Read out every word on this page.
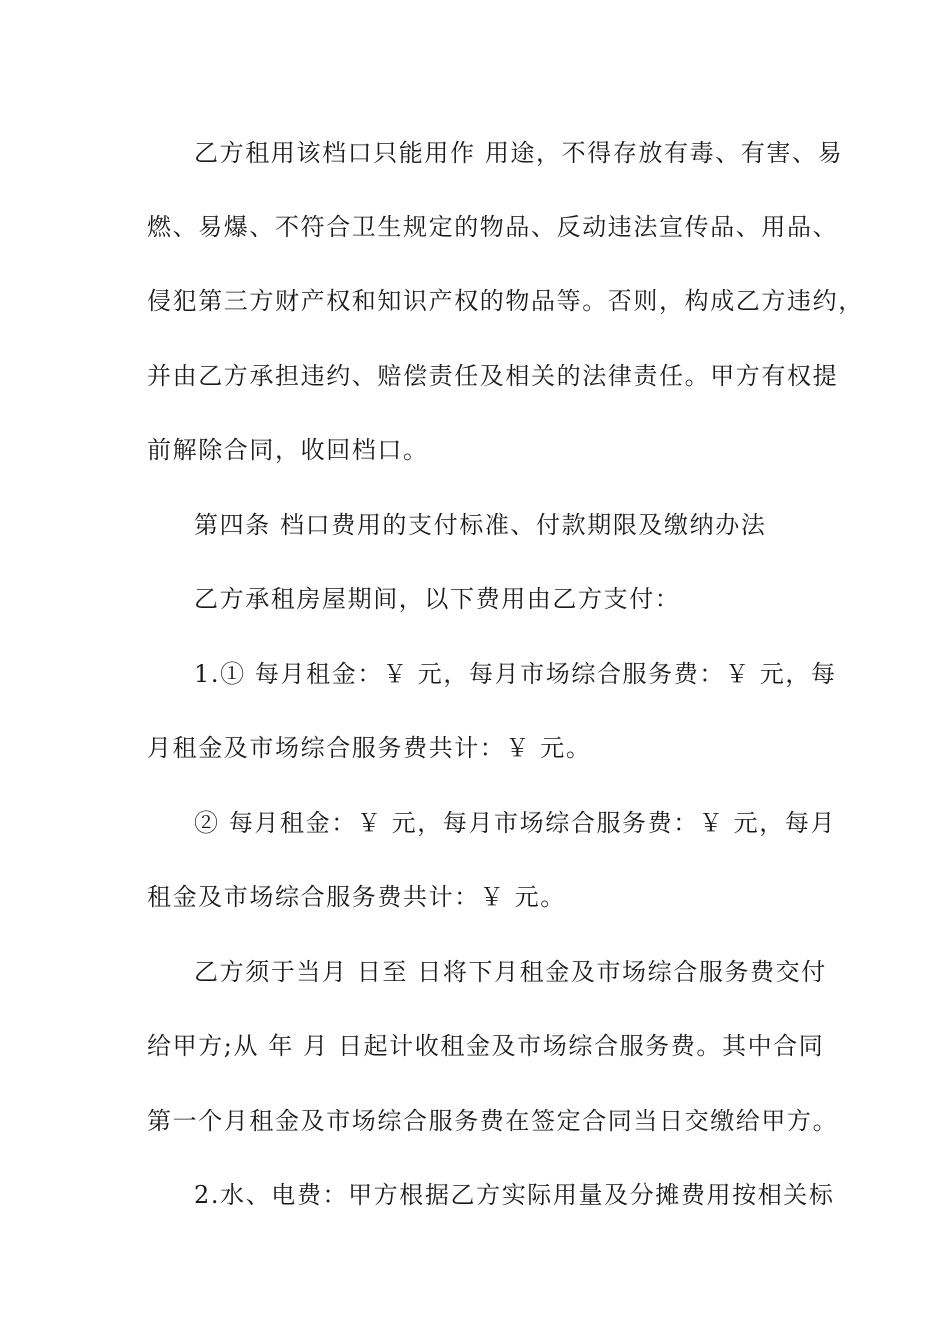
乙方租用该档口只能用作 用途，不得存放有毒、有害、易
燃、易爆、不符合卫生规定的物品、反动违法宣传品、用品、
侵犯第三方财产权和知识产权的物品等。否则，构成乙方违约，
并由乙方承担违约、赔偿责任及相关的法律责任。甲方有权提
前解除合同，收回档口。
第四条 档口费用的支付标准、付款期限及缴纳办法
乙方承租房屋期间，以下费用由乙方支付：
1.① 每月租金：￥ 元，每月市场综合服务费：￥ 元，每
月租金及市场综合服务费共计：￥ 元。
② 每月租金：￥ 元，每月市场综合服务费：￥ 元，每月
租金及市场综合服务费共计：￥ 元。
乙方须于当月 日至 日将下月租金及市场综合服务费交付
给甲方;从 年 月 日起计收租金及市场综合服务费。其中合同
第一个月租金及市场综合服务费在签定合同当日交缴给甲方。
2.水、电费：甲方根据乙方实际用量及分摊费用按相关标
